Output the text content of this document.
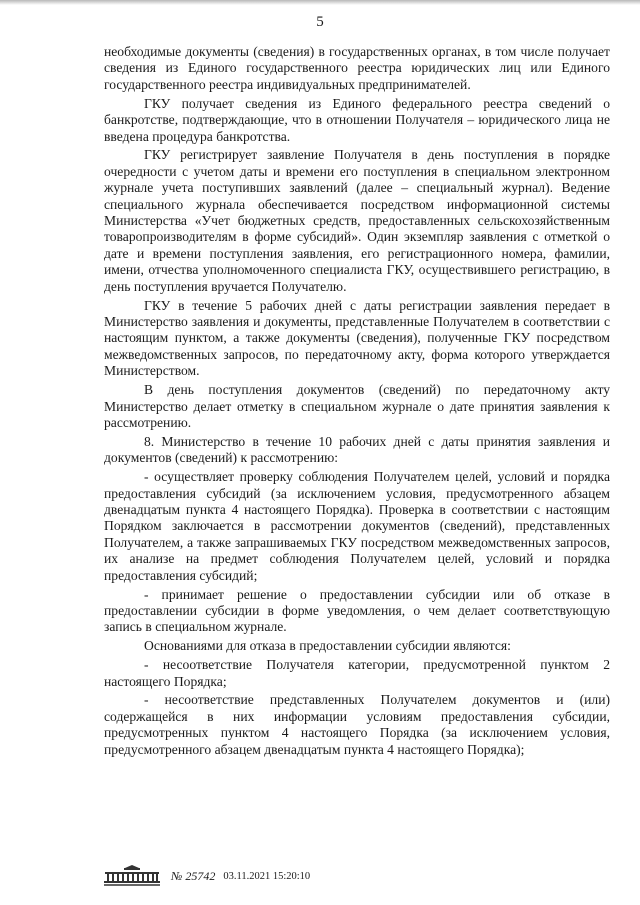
5

необходимые документы (сведения) в государственных органах, в том числе получает сведения из Единого государственного реестра юридических лиц или Единого государственного реестра индивидуальных предпринимателей.

ГКУ получает сведения из Единого федерального реестра сведений о банкротстве, подтверждающие, что в отношении Получателя – юридического лица не введена процедура банкротства.

ГКУ регистрирует заявление Получателя в день поступления в порядке очередности с учетом даты и времени его поступления в специальном электронном журнале учета поступивших заявлений (далее – специальный журнал). Ведение специального журнала обеспечивается посредством информационной системы Министерства «Учет бюджетных средств, предоставленных сельскохозяйственным товаропроизводителям в форме субсидий». Один экземпляр заявления с отметкой о дате и времени поступления заявления, его регистрационного номера, фамилии, имени, отчества уполномоченного специалиста ГКУ, осуществившего регистрацию, в день поступления вручается Получателю.

ГКУ в течение 5 рабочих дней с даты регистрации заявления передает в Министерство заявления и документы, представленные Получателем в соответствии с настоящим пунктом, а также документы (сведения), полученные ГКУ посредством межведомственных запросов, по передаточному акту, форма которого утверждается Министерством.

В день поступления документов (сведений) по передаточному акту Министерство делает отметку в специальном журнале о дате принятия заявления к рассмотрению.

8. Министерство в течение 10 рабочих дней с даты принятия заявления и документов (сведений) к рассмотрению:

- осуществляет проверку соблюдения Получателем целей, условий и порядка предоставления субсидий (за исключением условия, предусмотренного абзацем двенадцатым пункта 4 настоящего Порядка). Проверка в соответствии с настоящим Порядком заключается в рассмотрении документов (сведений), представленных Получателем, а также запрашиваемых ГКУ посредством межведомственных запросов, их анализе на предмет соблюдения Получателем целей, условий и порядка предоставления субсидий;

- принимает решение о предоставлении субсидии или об отказе в предоставлении субсидии в форме уведомления, о чем делает соответствующую запись в специальном журнале.

Основаниями для отказа в предоставлении субсидии являются:

- несоответствие Получателя категории, предусмотренной пунктом 2 настоящего Порядка;

- несоответствие представленных Получателем документов и (или) содержащейся в них информации условиям предоставления субсидии, предусмотренных пунктом 4 настоящего Порядка (за исключением условия, предусмотренного абзацем двенадцатым пункта 4 настоящего Порядка);

№ 25742 03.11.2021 15:20:10
